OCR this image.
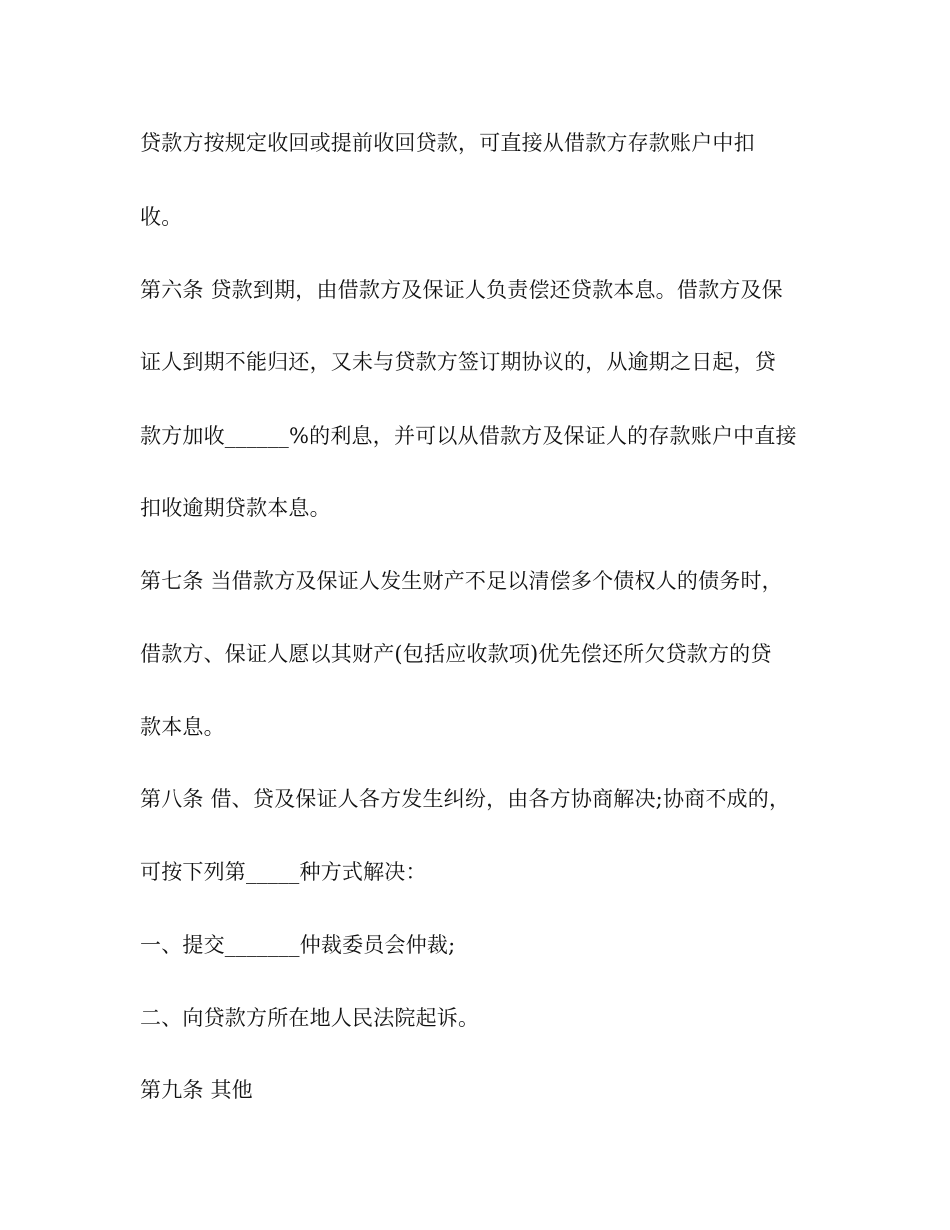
贷款方按规定收回或提前收回贷款，可直接从借款方存款账户中扣
收。
第六条 贷款到期，由借款方及保证人负责偿还贷款本息。借款方及保
证人到期不能归还，又未与贷款方签订期协议的，从逾期之日起，贷
款方加收______%的利息，并可以从借款方及保证人的存款账户中直接
扣收逾期贷款本息。
第七条 当借款方及保证人发生财产不足以清偿多个债权人的债务时，
借款方、保证人愿以其财产(包括应收款项)优先偿还所欠贷款方的贷
款本息。
第八条 借、贷及保证人各方发生纠纷，由各方协商解决;协商不成的，
可按下列第_____种方式解决：
一、提交_______仲裁委员会仲裁;
二、向贷款方所在地人民法院起诉。
第九条 其他
